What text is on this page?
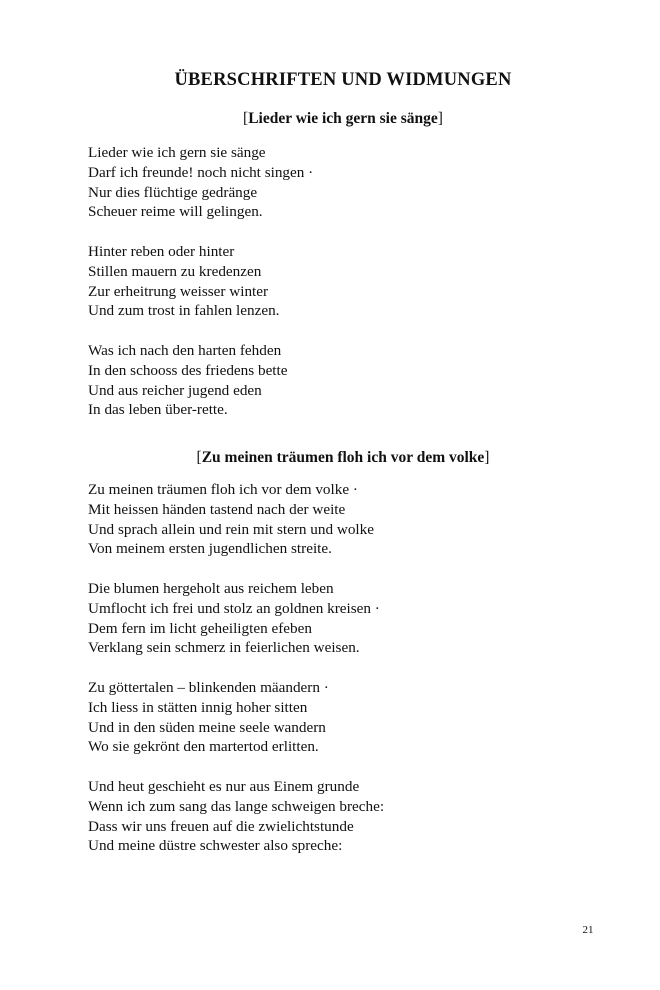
ÜBERSCHRIFTEN UND WIDMUNGEN
[Lieder wie ich gern sie sänge]
Lieder wie ich gern sie sänge
Darf ich freunde! noch nicht singen ·
Nur dies flüchtige gedränge
Scheuer reime will gelingen.
Hinter reben oder hinter
Stillen mauern zu kredenzen
Zur erheitrung weisser winter
Und zum trost in fahlen lenzen.
Was ich nach den harten fehden
In den schooss des friedens bette
Und aus reicher jugend eden
In das leben über-rette.
[Zu meinen träumen floh ich vor dem volke]
Zu meinen träumen floh ich vor dem volke ·
Mit heissen händen tastend nach der weite
Und sprach allein und rein mit stern und wolke
Von meinem ersten jugendlichen streite.
Die blumen hergeholt aus reichem leben
Umflocht ich frei und stolz an goldnen kreisen ·
Dem fern im licht geheiligten efeben
Verklang sein schmerz in feierlichen weisen.
Zu göttertalen – blinkenden mäandern ·
Ich liess in stätten innig hoher sitten
Und in den süden meine seele wandern
Wo sie gekrönt den martertod erlitten.
Und heut geschieht es nur aus Einem grunde
Wenn ich zum sang das lange schweigen breche:
Dass wir uns freuen auf die zwielichtstunde
Und meine düstre schwester also spreche:
21
